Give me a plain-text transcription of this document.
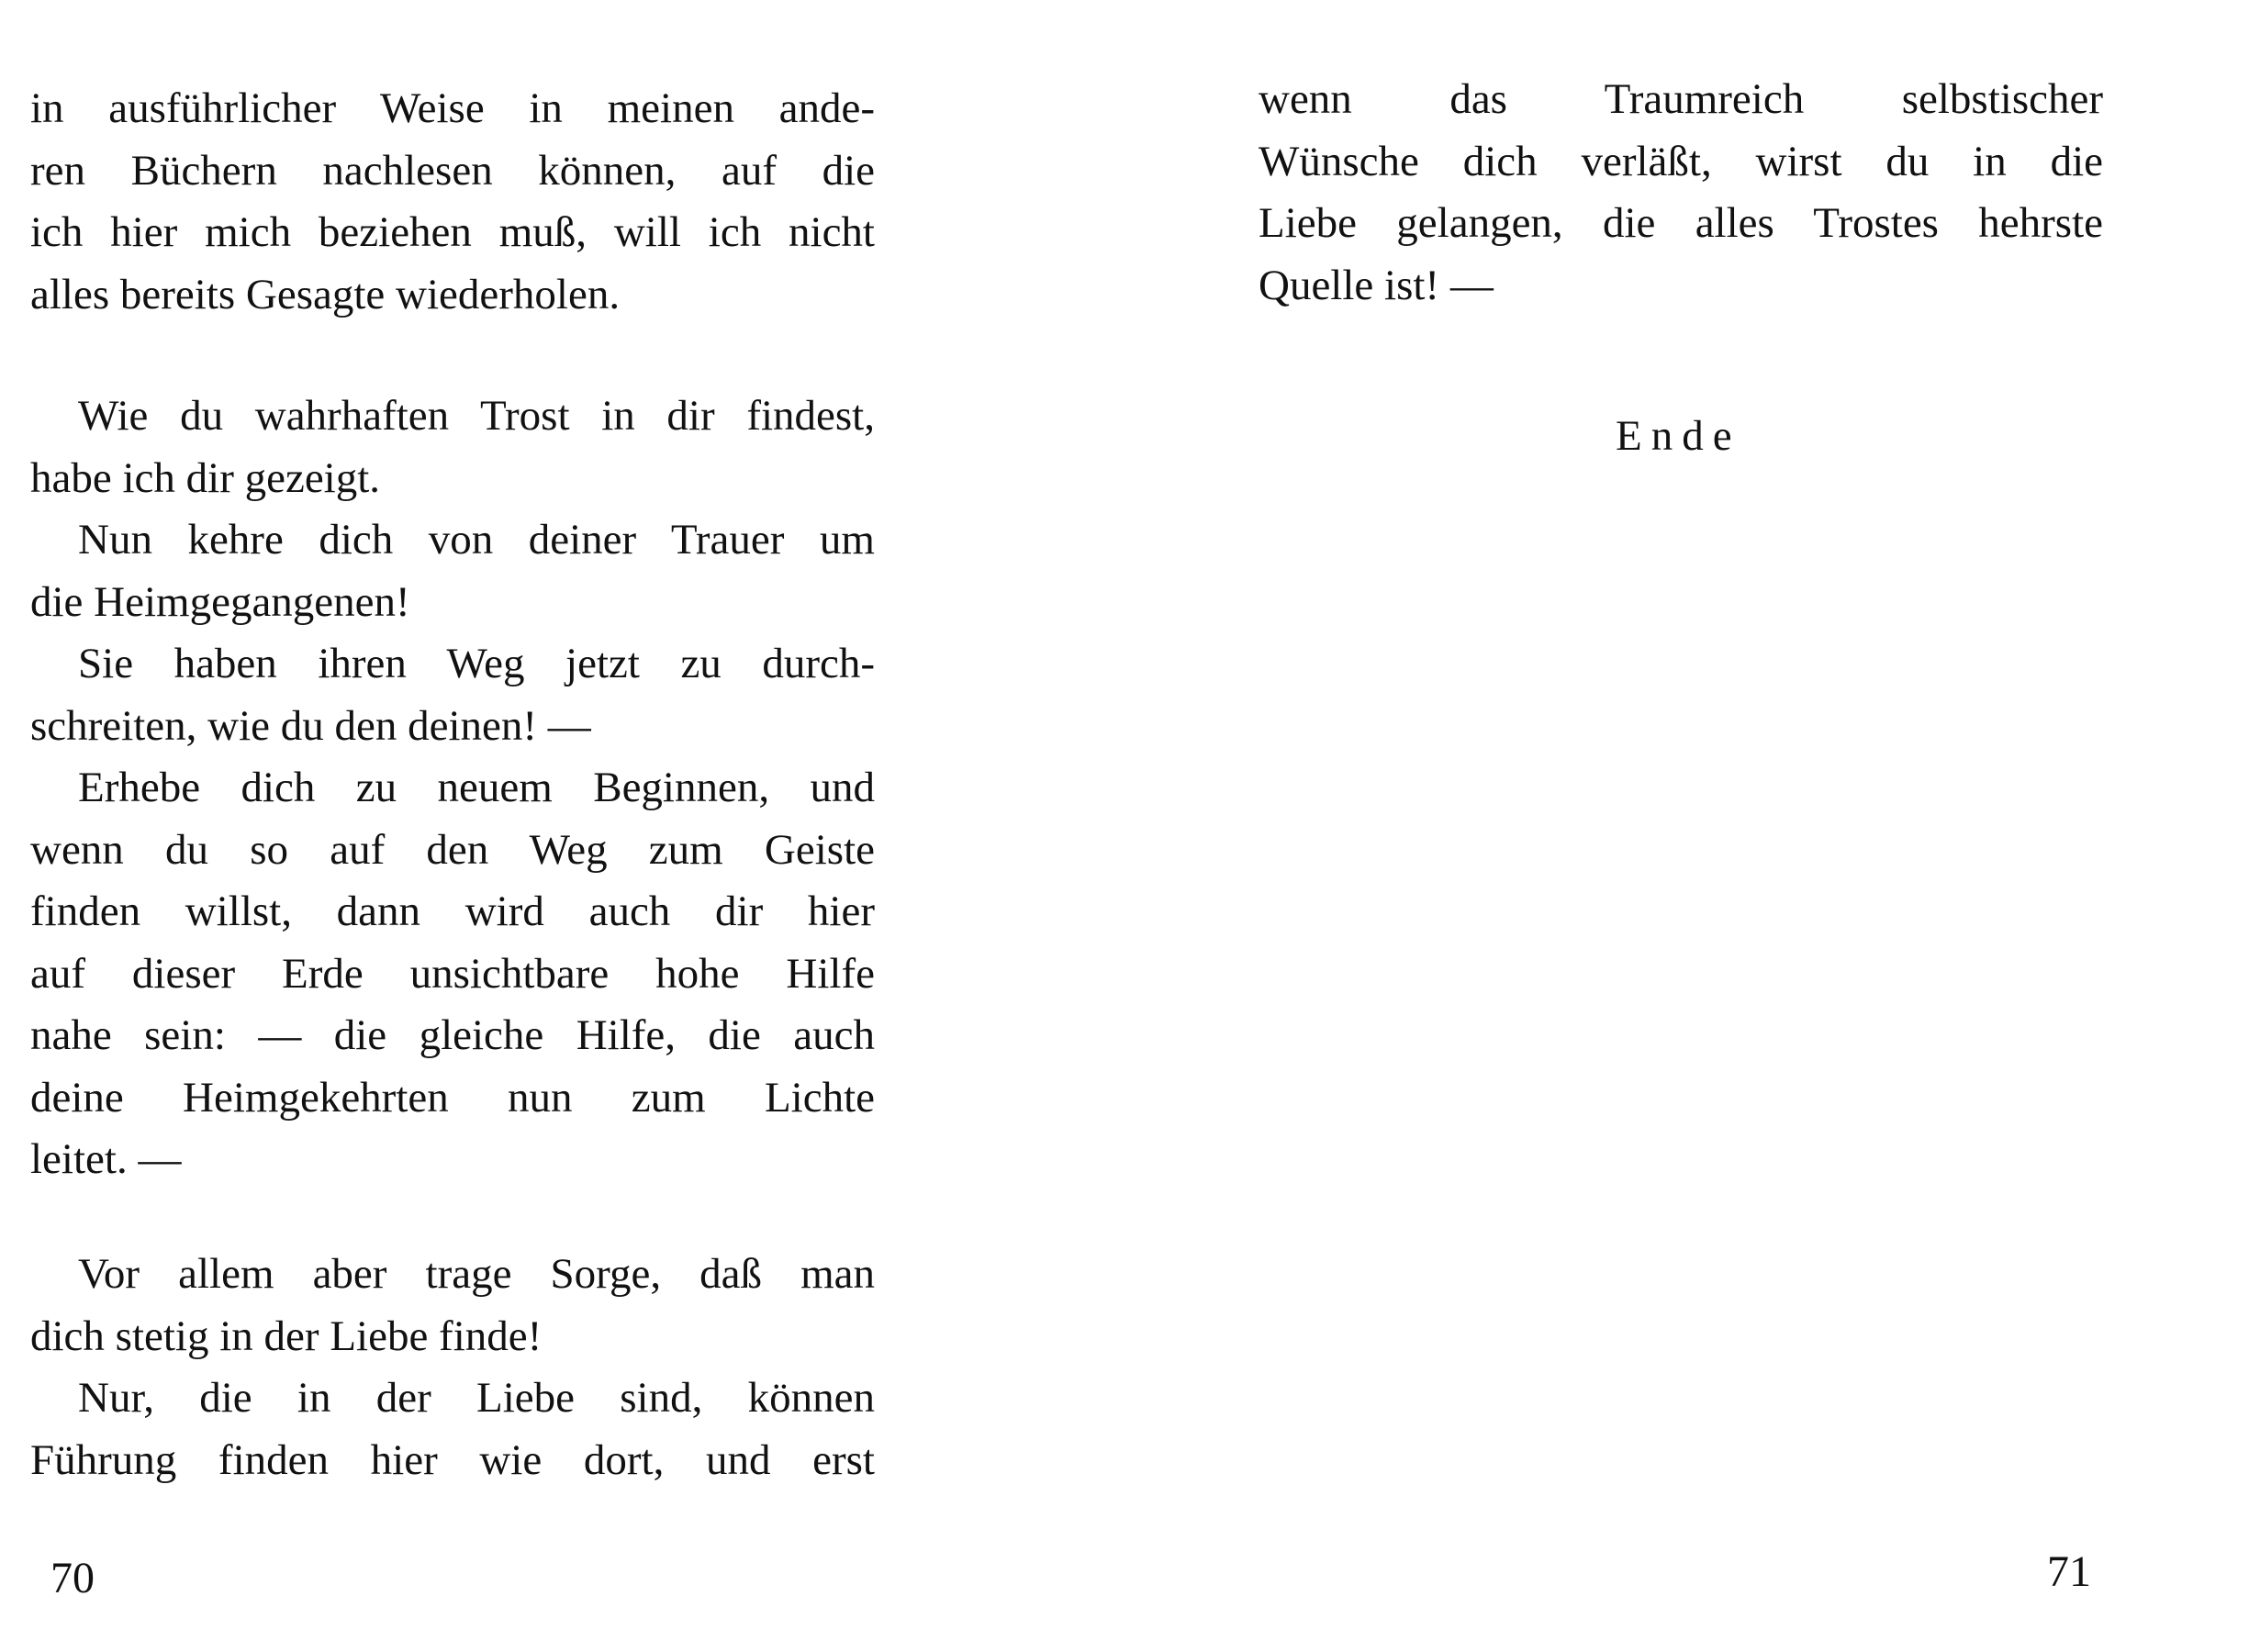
in ausführlicher Weise in meinen ande-
ren Büchern nachlesen können, auf die
ich hier mich beziehen muß, will ich nicht
alles bereits Gesagte wiederholen.
Wie du wahrhaften Trost in dir findest,
habe ich dir gezeigt.
Nun kehre dich von deiner Trauer um
die Heimgegangenen!
Sie haben ihren Weg jetzt zu durch-
schreiten, wie du den deinen! —
Erhebe dich zu neuem Beginnen, und
wenn du so auf den Weg zum Geiste
finden willst, dann wird auch dir hier
auf dieser Erde unsichtbare hohe Hilfe
nahe sein: — die gleiche Hilfe, die auch
deine Heimgekehrten nun zum Lichte
leitet. —
Vor allem aber trage Sorge, daß man
dich stetig in der Liebe finde!
Nur, die in der Liebe sind, können
Führung finden hier wie dort, und erst
70
wenn das Traumreich selbstischer
Wünsche dich verläßt, wirst du in die
Liebe gelangen, die alles Trostes hehrste
Quelle ist! —
Ende
71
